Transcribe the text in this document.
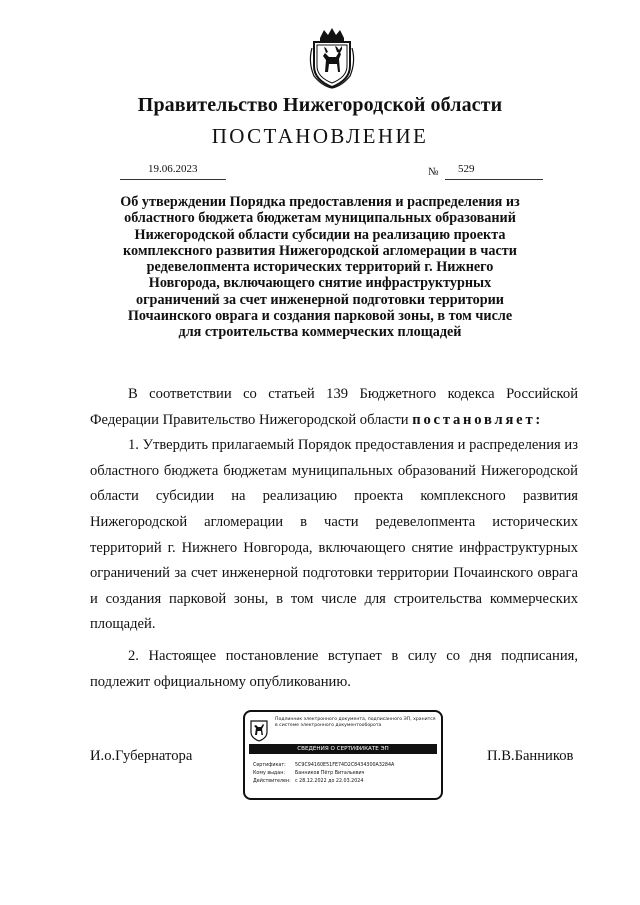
Правительство Нижегородской области
ПОСТАНОВЛЕНИЕ
19.06.2023	№ 529
Об утверждении Порядка предоставления и распределения из областного бюджета бюджетам муниципальных образований Нижегородской области субсидии на реализацию проекта комплексного развития Нижегородской агломерации в части редевелопмента исторических территорий г. Нижнего Новгорода, включающего снятие инфраструктурных ограничений за счет инженерной подготовки территории Почаинского оврага и создания парковой зоны, в том числе для строительства коммерческих площадей

В соответствии со статьей 139 Бюджетного кодекса Российской Федерации Правительство Нижегородской области постановляет:

1. Утвердить прилагаемый Порядок предоставления и распределения из областного бюджета бюджетам муниципальных образований Нижегородской области субсидии на реализацию проекта комплексного развития Нижегородской агломерации в части редевелопмента исторических территорий г. Нижнего Новгорода, включающего снятие инфраструктурных ограничений за счет инженерной подготовки территории Почаинского оврага и создания парковой зоны, в том числе для строительства коммерческих площадей.

2. Настоящее постановление вступает в силу со дня подписания, подлежит официальному опубликованию.

И.о.Губернатора	П.В.Банников
Подлинник электронного документа, подписанного ЭП, хранится в системе электронного документооборота
СВЕДЕНИЯ О СЕРТИФИКАТЕ ЭП
Сертификат:	5C9C94160E51FE74D2C8434300A3284A
Кому выдан:	Банников Пётр Витальевич
Действителен: с 28.12.2022 до 22.03.2024
